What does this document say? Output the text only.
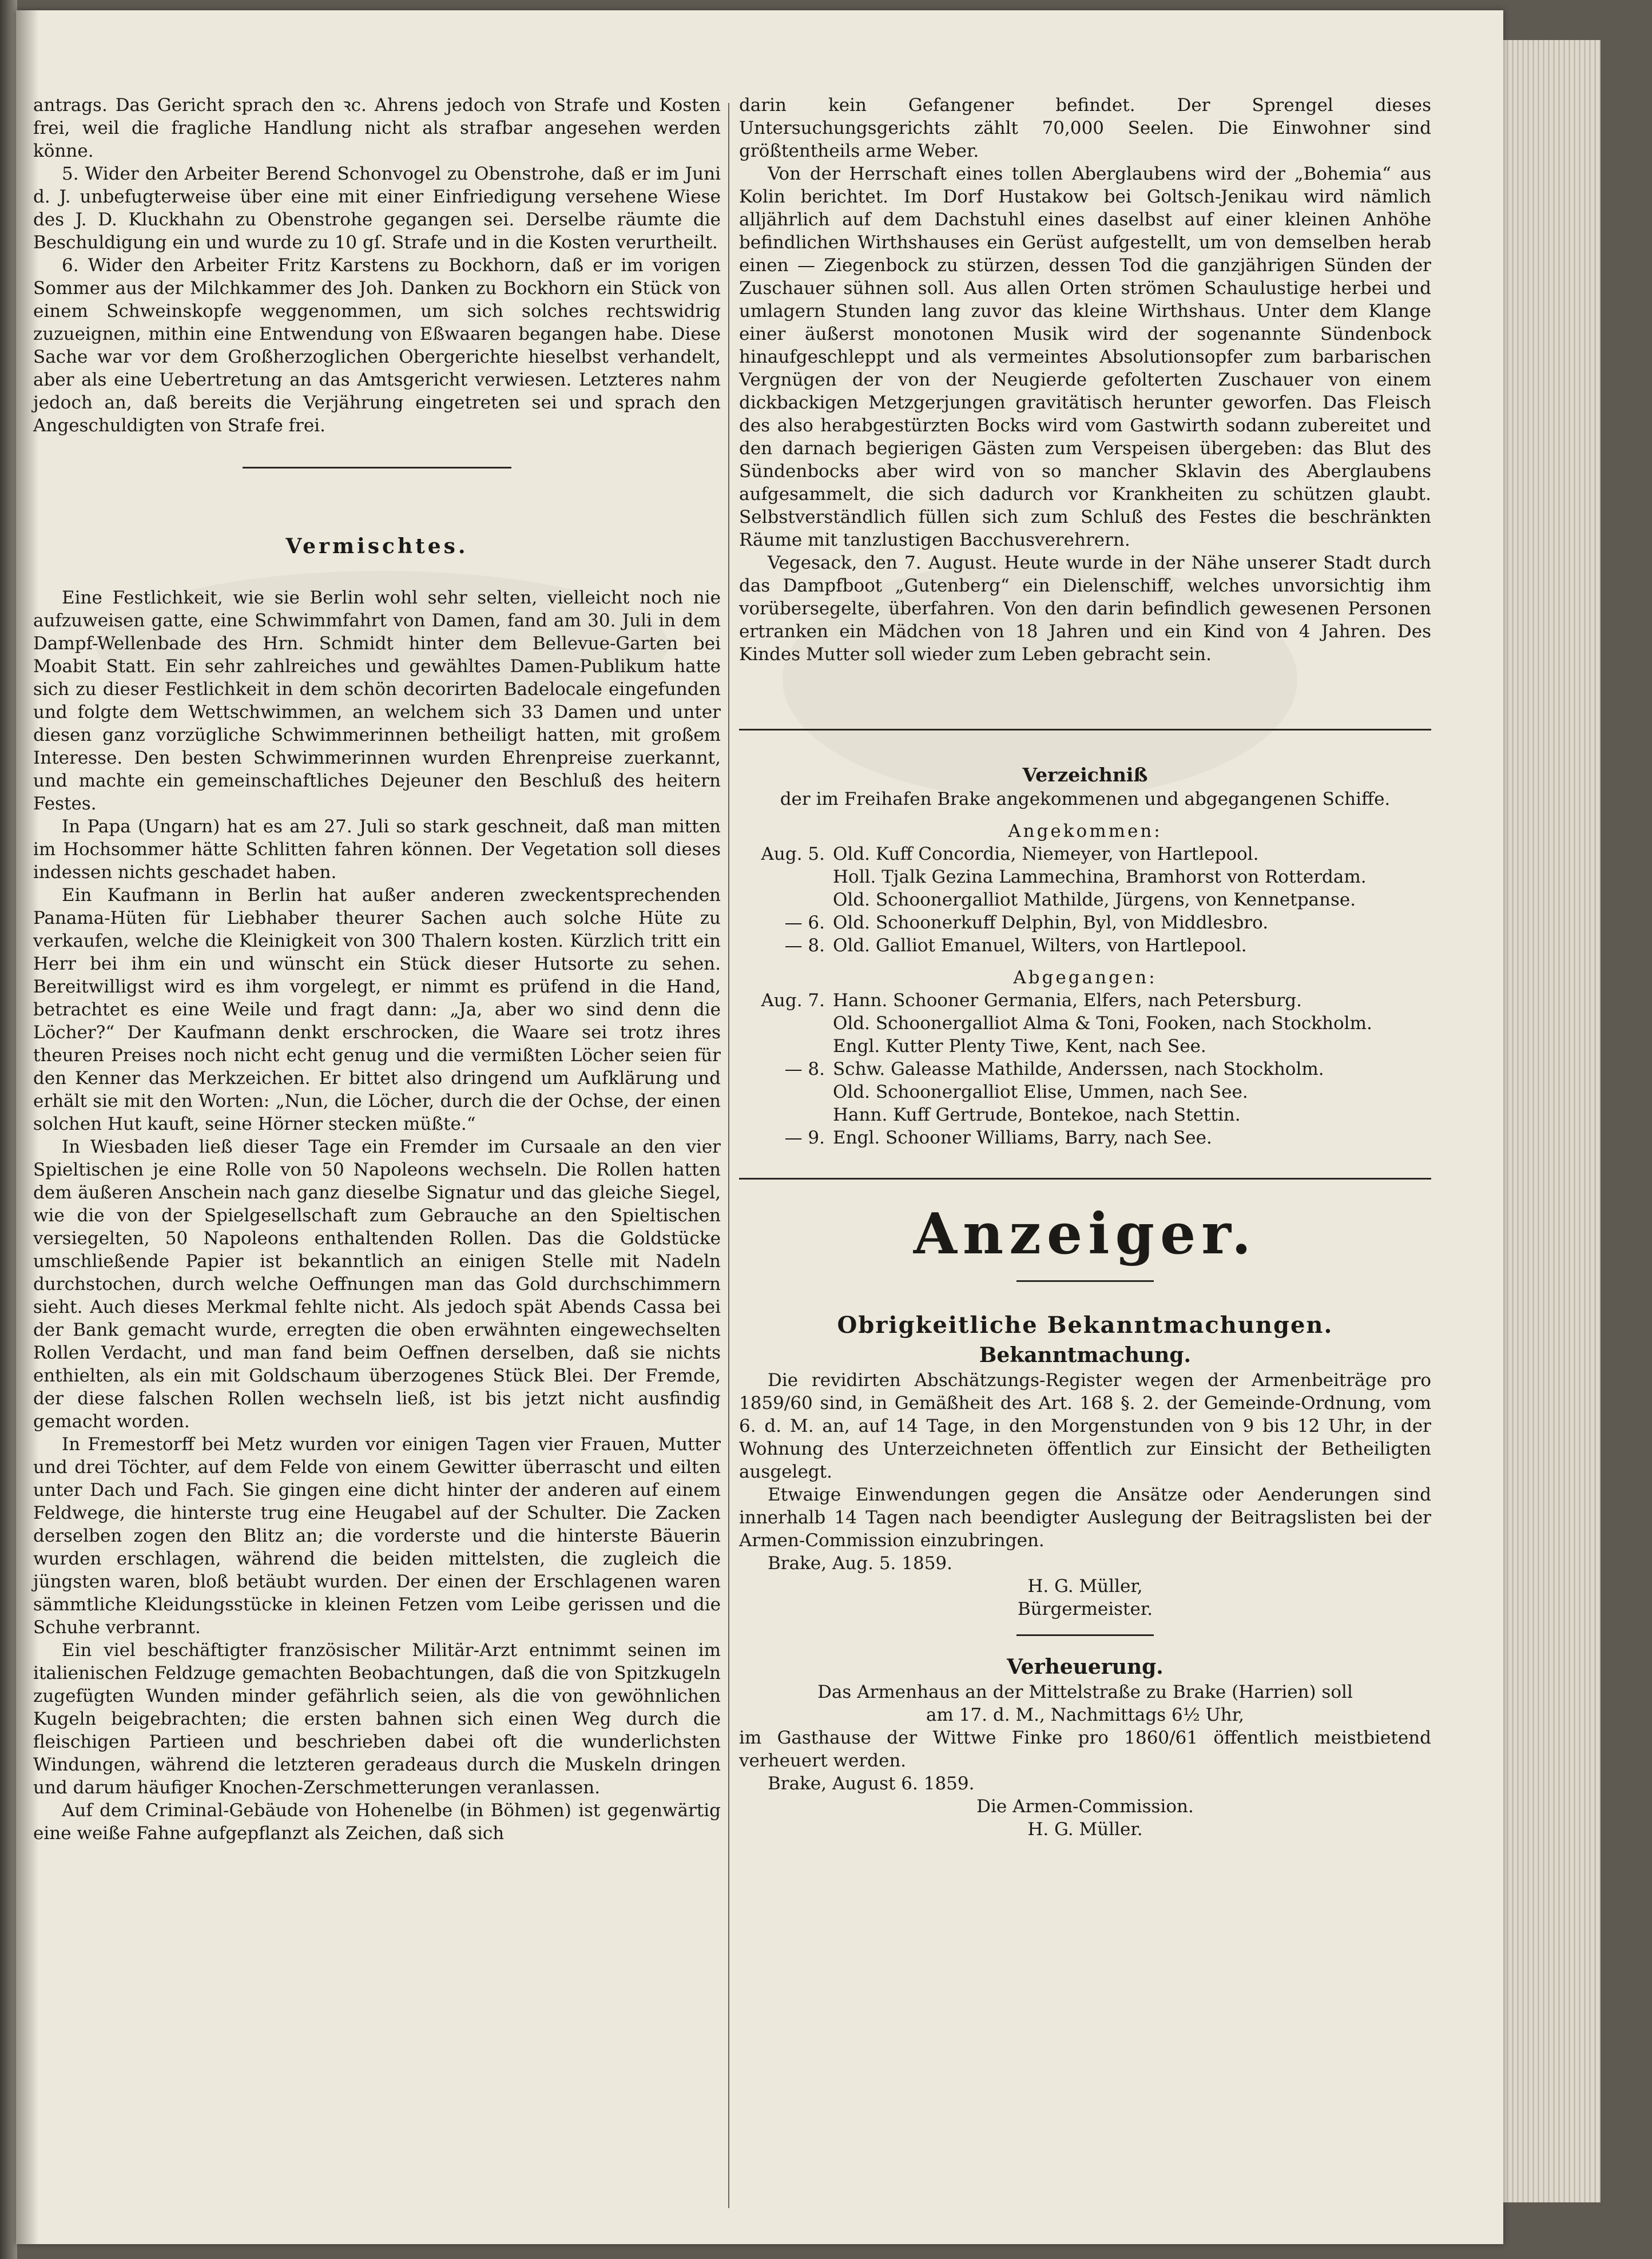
antrags. Das Gericht sprach den ꝛc. Ahrens jedoch von Strafe und Kosten frei, weil die fragliche Handlung nicht als strafbar angesehen werden könne.

5. Wider den Arbeiter Berend Schonvogel zu Obenstrohe, daß er im Juni d. J. unbefugterweise über eine mit einer Einfriedigung versehene Wiese des J. D. Kluckhahn zu Obenstrohe gegangen sei. Derselbe räumte die Beschuldigung ein und wurde zu 10 gſ. Strafe und in die Kosten verurtheilt.

6. Wider den Arbeiter Fritz Karstens zu Bockhorn, daß er im vorigen Sommer aus der Milchkammer des Joh. Danken zu Bockhorn ein Stück von einem Schweinskopfe weggenommen, um sich solches rechtswidrig zuzueignen, mithin eine Entwendung von Eßwaaren begangen habe. Diese Sache war vor dem Großherzoglichen Obergerichte hieselbst verhandelt, aber als eine Uebertretung an das Amtsgericht verwiesen. Letzteres nahm jedoch an, daß bereits die Verjährung eingetreten sei und sprach den Angeschuldigten von Strafe frei.

Vermischtes.

Eine Festlichkeit, wie sie Berlin wohl sehr selten, vielleicht noch nie aufzuweisen gatte, eine Schwimmfahrt von Damen, fand am 30. Juli in dem Dampf-Wellenbade des Hrn. Schmidt hinter dem Bellevue-Garten bei Moabit Statt. Ein sehr zahlreiches und gewähltes Damen-Publikum hatte sich zu dieser Festlichkeit in dem schön decorirten Badelocale eingefunden und folgte dem Wettschwimmen, an welchem sich 33 Damen und unter diesen ganz vorzügliche Schwimmerinnen betheiligt hatten, mit großem Interesse. Den besten Schwimmerinnen wurden Ehrenpreise zuerkannt, und machte ein gemeinschaftliches Dejeuner den Beschluß des heitern Festes.

In Papa (Ungarn) hat es am 27. Juli so stark geschneit, daß man mitten im Hochsommer hätte Schlitten fahren können. Der Vegetation soll dieses indessen nichts geschadet haben.

Ein Kaufmann in Berlin hat außer anderen zweckentsprechenden Panama-Hüten für Liebhaber theurer Sachen auch solche Hüte zu verkaufen, welche die Kleinigkeit von 300 Thalern kosten. Kürzlich tritt ein Herr bei ihm ein und wünscht ein Stück dieser Hutsorte zu sehen. Bereitwilligst wird es ihm vorgelegt, er nimmt es prüfend in die Hand, betrachtet es eine Weile und fragt dann: „Ja, aber wo sind denn die Löcher?“ Der Kaufmann denkt erschrocken, die Waare sei trotz ihres theuren Preises noch nicht echt genug und die vermißten Löcher seien für den Kenner das Merkzeichen. Er bittet also dringend um Aufklärung und erhält sie mit den Worten: „Nun, die Löcher, durch die der Ochse, der einen solchen Hut kauft, seine Hörner stecken müßte.“

In Wiesbaden ließ dieser Tage ein Fremder im Cursaale an den vier Spieltischen je eine Rolle von 50 Napoleons wechseln. Die Rollen hatten dem äußeren Anschein nach ganz dieselbe Signatur und das gleiche Siegel, wie die von der Spielgesellschaft zum Gebrauche an den Spieltischen versiegelten, 50 Napoleons enthaltenden Rollen. Das die Goldstücke umschließende Papier ist bekanntlich an einigen Stelle mit Nadeln durchstochen, durch welche Oeffnungen man das Gold durchschimmern sieht. Auch dieses Merkmal fehlte nicht. Als jedoch spät Abends Cassa bei der Bank gemacht wurde, erregten die oben erwähnten eingewechselten Rollen Verdacht, und man fand beim Oeffnen derselben, daß sie nichts enthielten, als ein mit Goldschaum überzogenes Stück Blei. Der Fremde, der diese falschen Rollen wechseln ließ, ist bis jetzt nicht ausfindig gemacht worden.

In Fremestorff bei Metz wurden vor einigen Tagen vier Frauen, Mutter und drei Töchter, auf dem Felde von einem Gewitter überrascht und eilten unter Dach und Fach. Sie gingen eine dicht hinter der anderen auf einem Feldwege, die hinterste trug eine Heugabel auf der Schulter. Die Zacken derselben zogen den Blitz an; die vorderste und die hinterste Bäuerin wurden erschlagen, während die beiden mittelsten, die zugleich die jüngsten waren, bloß betäubt wurden. Der einen der Erschlagenen waren sämmtliche Kleidungsstücke in kleinen Fetzen vom Leibe gerissen und die Schuhe verbrannt.

Ein viel beschäftigter französischer Militär-Arzt entnimmt seinen im italienischen Feldzuge gemachten Beobachtungen, daß die von Spitzkugeln zugefügten Wunden minder gefährlich seien, als die von gewöhnlichen Kugeln beigebrachten; die ersten bahnen sich einen Weg durch die fleischigen Partieen und beschrieben dabei oft die wunderlichsten Windungen, während die letzteren geradeaus durch die Muskeln dringen und darum häufiger Knochen-Zerschmetterungen veranlassen.

Auf dem Criminal-Gebäude von Hohenelbe (in Böhmen) ist gegenwärtig eine weiße Fahne aufgepflanzt als Zeichen, daß sich

darin kein Gefangener befindet. Der Sprengel dieses Untersuchungsgerichts zählt 70,000 Seelen. Die Einwohner sind größtentheils arme Weber.

Von der Herrschaft eines tollen Aberglaubens wird der „Bohemia“ aus Kolin berichtet. Im Dorf Hustakow bei Goltsch-Jenikau wird nämlich alljährlich auf dem Dachstuhl eines daselbst auf einer kleinen Anhöhe befindlichen Wirthshauses ein Gerüst aufgestellt, um von demselben herab einen — Ziegenbock zu stürzen, dessen Tod die ganzjährigen Sünden der Zuschauer sühnen soll. Aus allen Orten strömen Schaulustige herbei und umlagern Stunden lang zuvor das kleine Wirthshaus. Unter dem Klange einer äußerst monotonen Musik wird der sogenannte Sündenbock hinaufgeschleppt und als vermeintes Absolutionsopfer zum barbarischen Vergnügen der von der Neugierde gefolterten Zuschauer von einem dickbackigen Metzgerjungen gravitätisch herunter geworfen. Das Fleisch des also herabgestürzten Bocks wird vom Gastwirth sodann zubereitet und den darnach begierigen Gästen zum Verspeisen übergeben: das Blut des Sündenbocks aber wird von so mancher Sklavin des Aberglaubens aufgesammelt, die sich dadurch vor Krankheiten zu schützen glaubt. Selbstverständlich füllen sich zum Schluß des Festes die beschränkten Räume mit tanzlustigen Bacchusverehrern.

Vegesack, den 7. August. Heute wurde in der Nähe unserer Stadt durch das Dampfboot „Gutenberg“ ein Dielenschiff, welches unvorsichtig ihm vorübersegelte, überfahren. Von den darin befindlich gewesenen Personen ertranken ein Mädchen von 18 Jahren und ein Kind von 4 Jahren. Des Kindes Mutter soll wieder zum Leben gebracht sein.

Verzeichniß
der im Freihafen Brake angekommenen und abgegangenen Schiffe.
Angekommen:
Aug. 5. Old. Kuff Concordia, Niemeyer, von Hartlepool.
Holl. Tjalk Gezina Lammechina, Bramhorst von Rotterdam.
Old. Schoonergalliot Mathilde, Jürgens, von Kennetpanse.
— 6. Old. Schoonerkuff Delphin, Byl, von Middlesbro.
— 8. Old. Galliot Emanuel, Wilters, von Hartlepool.
Abgegangen:
Aug. 7. Hann. Schooner Germania, Elfers, nach Petersburg.
Old. Schoonergalliot Alma & Toni, Fooken, nach Stockholm.
Engl. Kutter Plenty Tiwe, Kent, nach See.
— 8. Schw. Galeasse Mathilde, Anderssen, nach Stockholm.
Old. Schoonergalliot Elise, Ummen, nach See.
Hann. Kuff Gertrude, Bontekoe, nach Stettin.
— 9. Engl. Schooner Williams, Barry, nach See.
Anzeiger.
Obrigkeitliche Bekanntmachungen.
Bekanntmachung.

Die revidirten Abschätzungs-Register wegen der Armenbeiträge pro 1859/60 sind, in Gemäßheit des Art. 168 §. 2. der Gemeinde-Ordnung, vom 6. d. M. an, auf 14 Tage, in den Morgenstunden von 9 bis 12 Uhr, in der Wohnung des Unterzeichneten öffentlich zur Einsicht der Betheiligten ausgelegt.

Etwaige Einwendungen gegen die Ansätze oder Aenderungen sind innerhalb 14 Tagen nach beendigter Auslegung der Beitragslisten bei der Armen-Commission einzubringen.

Brake, Aug. 5. 1859.

H. G. Müller,
Bürgermeister.
Verheuerung.
Das Armenhaus an der Mittelstraße zu Brake (Harrien) soll
am 17. d. M., Nachmittags 6½ Uhr,

im Gasthause der Wittwe Finke pro 1860/61 öffentlich meistbietend verheuert werden.

Brake, August 6. 1859.

Die Armen-Commission.
H. G. Müller.
